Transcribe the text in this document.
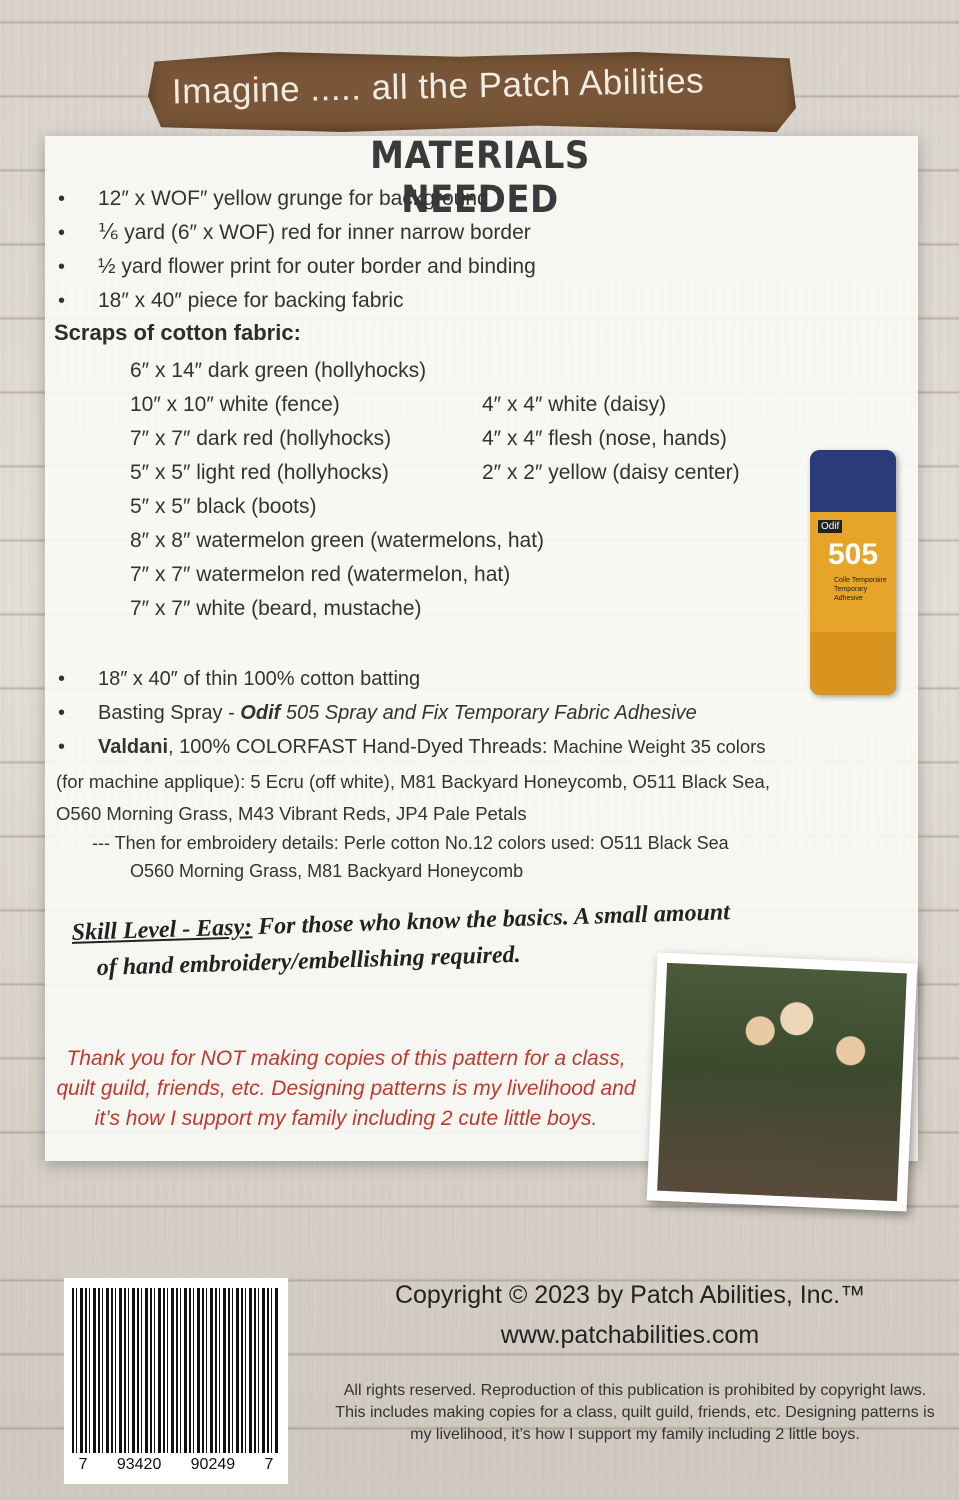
Imagine ..... all the Patch Abilities
MATERIALS NEEDED
• 12″ x WOF″ yellow grunge for background
• ⅙ yard (6″ x WOF) red for inner narrow border
• ½ yard flower print for outer border and binding
• 18″ x 40″ piece for backing fabric
Scraps of cotton fabric:
6″ x 14″ dark green (hollyhocks)
10″ x 10″ white (fence)	4″ x 4″ white (daisy)
7″ x 7″ dark red (hollyhocks)	4″ x 4″ flesh (nose, hands)
5″ x 5″ light red (hollyhocks)	2″ x 2″ yellow (daisy center)
5″ x 5″ black (boots)
8″ x 8″ watermelon green (watermelons, hat)
7″ x 7″ watermelon red (watermelon, hat)
7″ x 7″ white (beard, mustache)
Odif
505
Colle Temporaire Temporary Adhesive
• 18″ x 40″ of thin 100% cotton batting
• Basting Spray - Odif 505 Spray and Fix Temporary Fabric Adhesive
• Valdani, 100% COLORFAST Hand-Dyed Threads: Machine Weight 35 colors
(for machine applique): 5 Ecru (off white), M81 Backyard Honeycomb, O511 Black Sea,
O560 Morning Grass, M43 Vibrant Reds, JP4 Pale Petals
--- Then for embroidery details: Perle cotton No.12 colors used: O511 Black Sea
O560 Morning Grass, M81 Backyard Honeycomb
Skill Level - Easy: For those who know the basics. A small amount
of hand embroidery/embellishing required.
Thank you for NOT making copies of this pattern for a class, quilt guild, friends, etc. Designing patterns is my livelihood and it’s how I support my family including 2 cute little boys.
7 93420 90249 7
Copyright © 2023 by Patch Abilities, Inc.™
www.patchabilities.com
All rights reserved. Reproduction of this publication is prohibited by copyright laws. This includes making copies for a class, quilt guild, friends, etc. Designing patterns is my livelihood, it’s how I support my family including 2 little boys.
